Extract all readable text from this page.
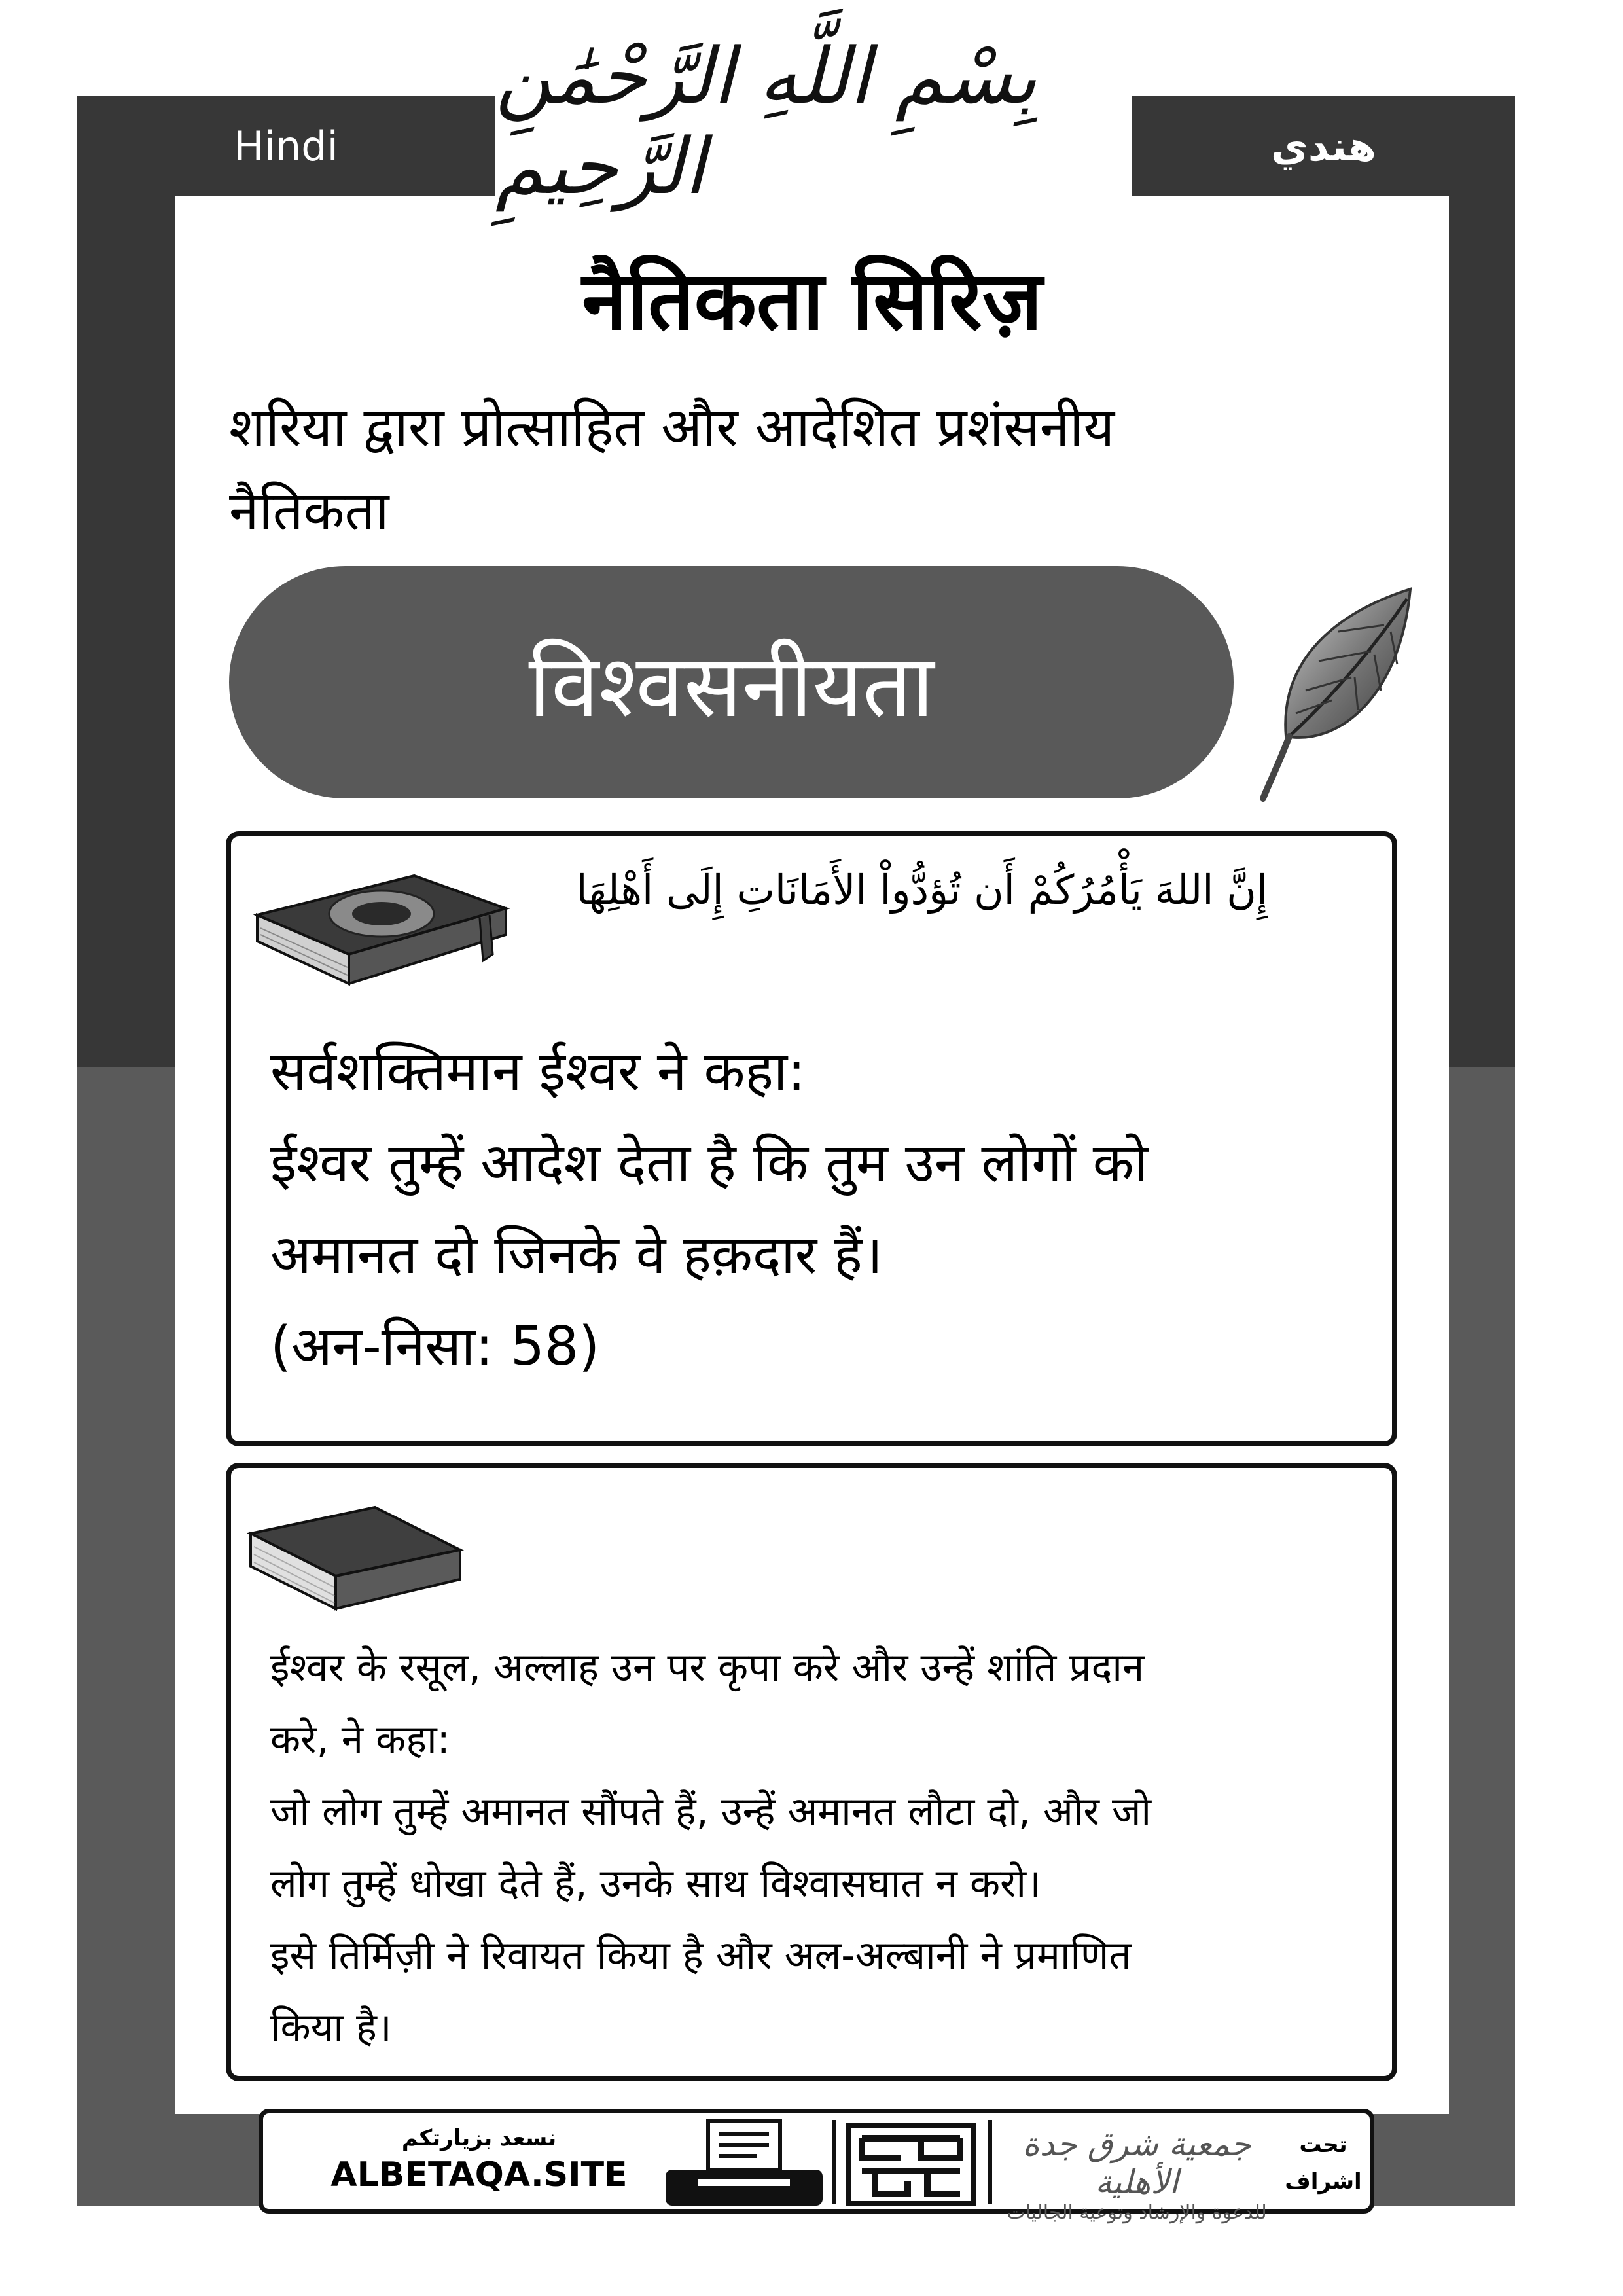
Hindi	هندي
بِسْمِ اللَّهِ الرَّحْمَٰنِ الرَّحِيمِ
नैतिकता सिरिज़
शरिया द्वारा प्रोत्साहित और आदेशित प्रशंसनीय
नैतिकता
विश्वसनीयता
إِنَّ اللهَ يَأْمُرُكُمْ أَن تُؤدُّواْ الأَمَانَاتِ إِلَى أَهْلِهَا
सर्वशक्तिमान ईश्वर ने कहा:
ईश्वर तुम्हें आदेश देता है कि तुम उन लोगों को
अमानत दो जिनके वे हक़दार हैं।
(अन-निसा: 58)
ईश्वर के रसूल, अल्लाह उन पर कृपा करे और उन्हें शांति प्रदान
करे, ने कहा:
जो लोग तुम्हें अमानत सौंपते हैं, उन्हें अमानत लौटा दो, और जो
लोग तुम्हें धोखा देते हैं, उनके साथ विश्वासघात न करो।
इसे तिर्मिज़ी ने रिवायत किया है और अल-अल्बानी ने प्रमाणित
किया है।
نسعد بزيارتكم
ALBETAQA.SITE
جمعية شرق جدة الأهلية
للدعوة والإرشاد وتوعية الجاليات
تحت
اشراف
